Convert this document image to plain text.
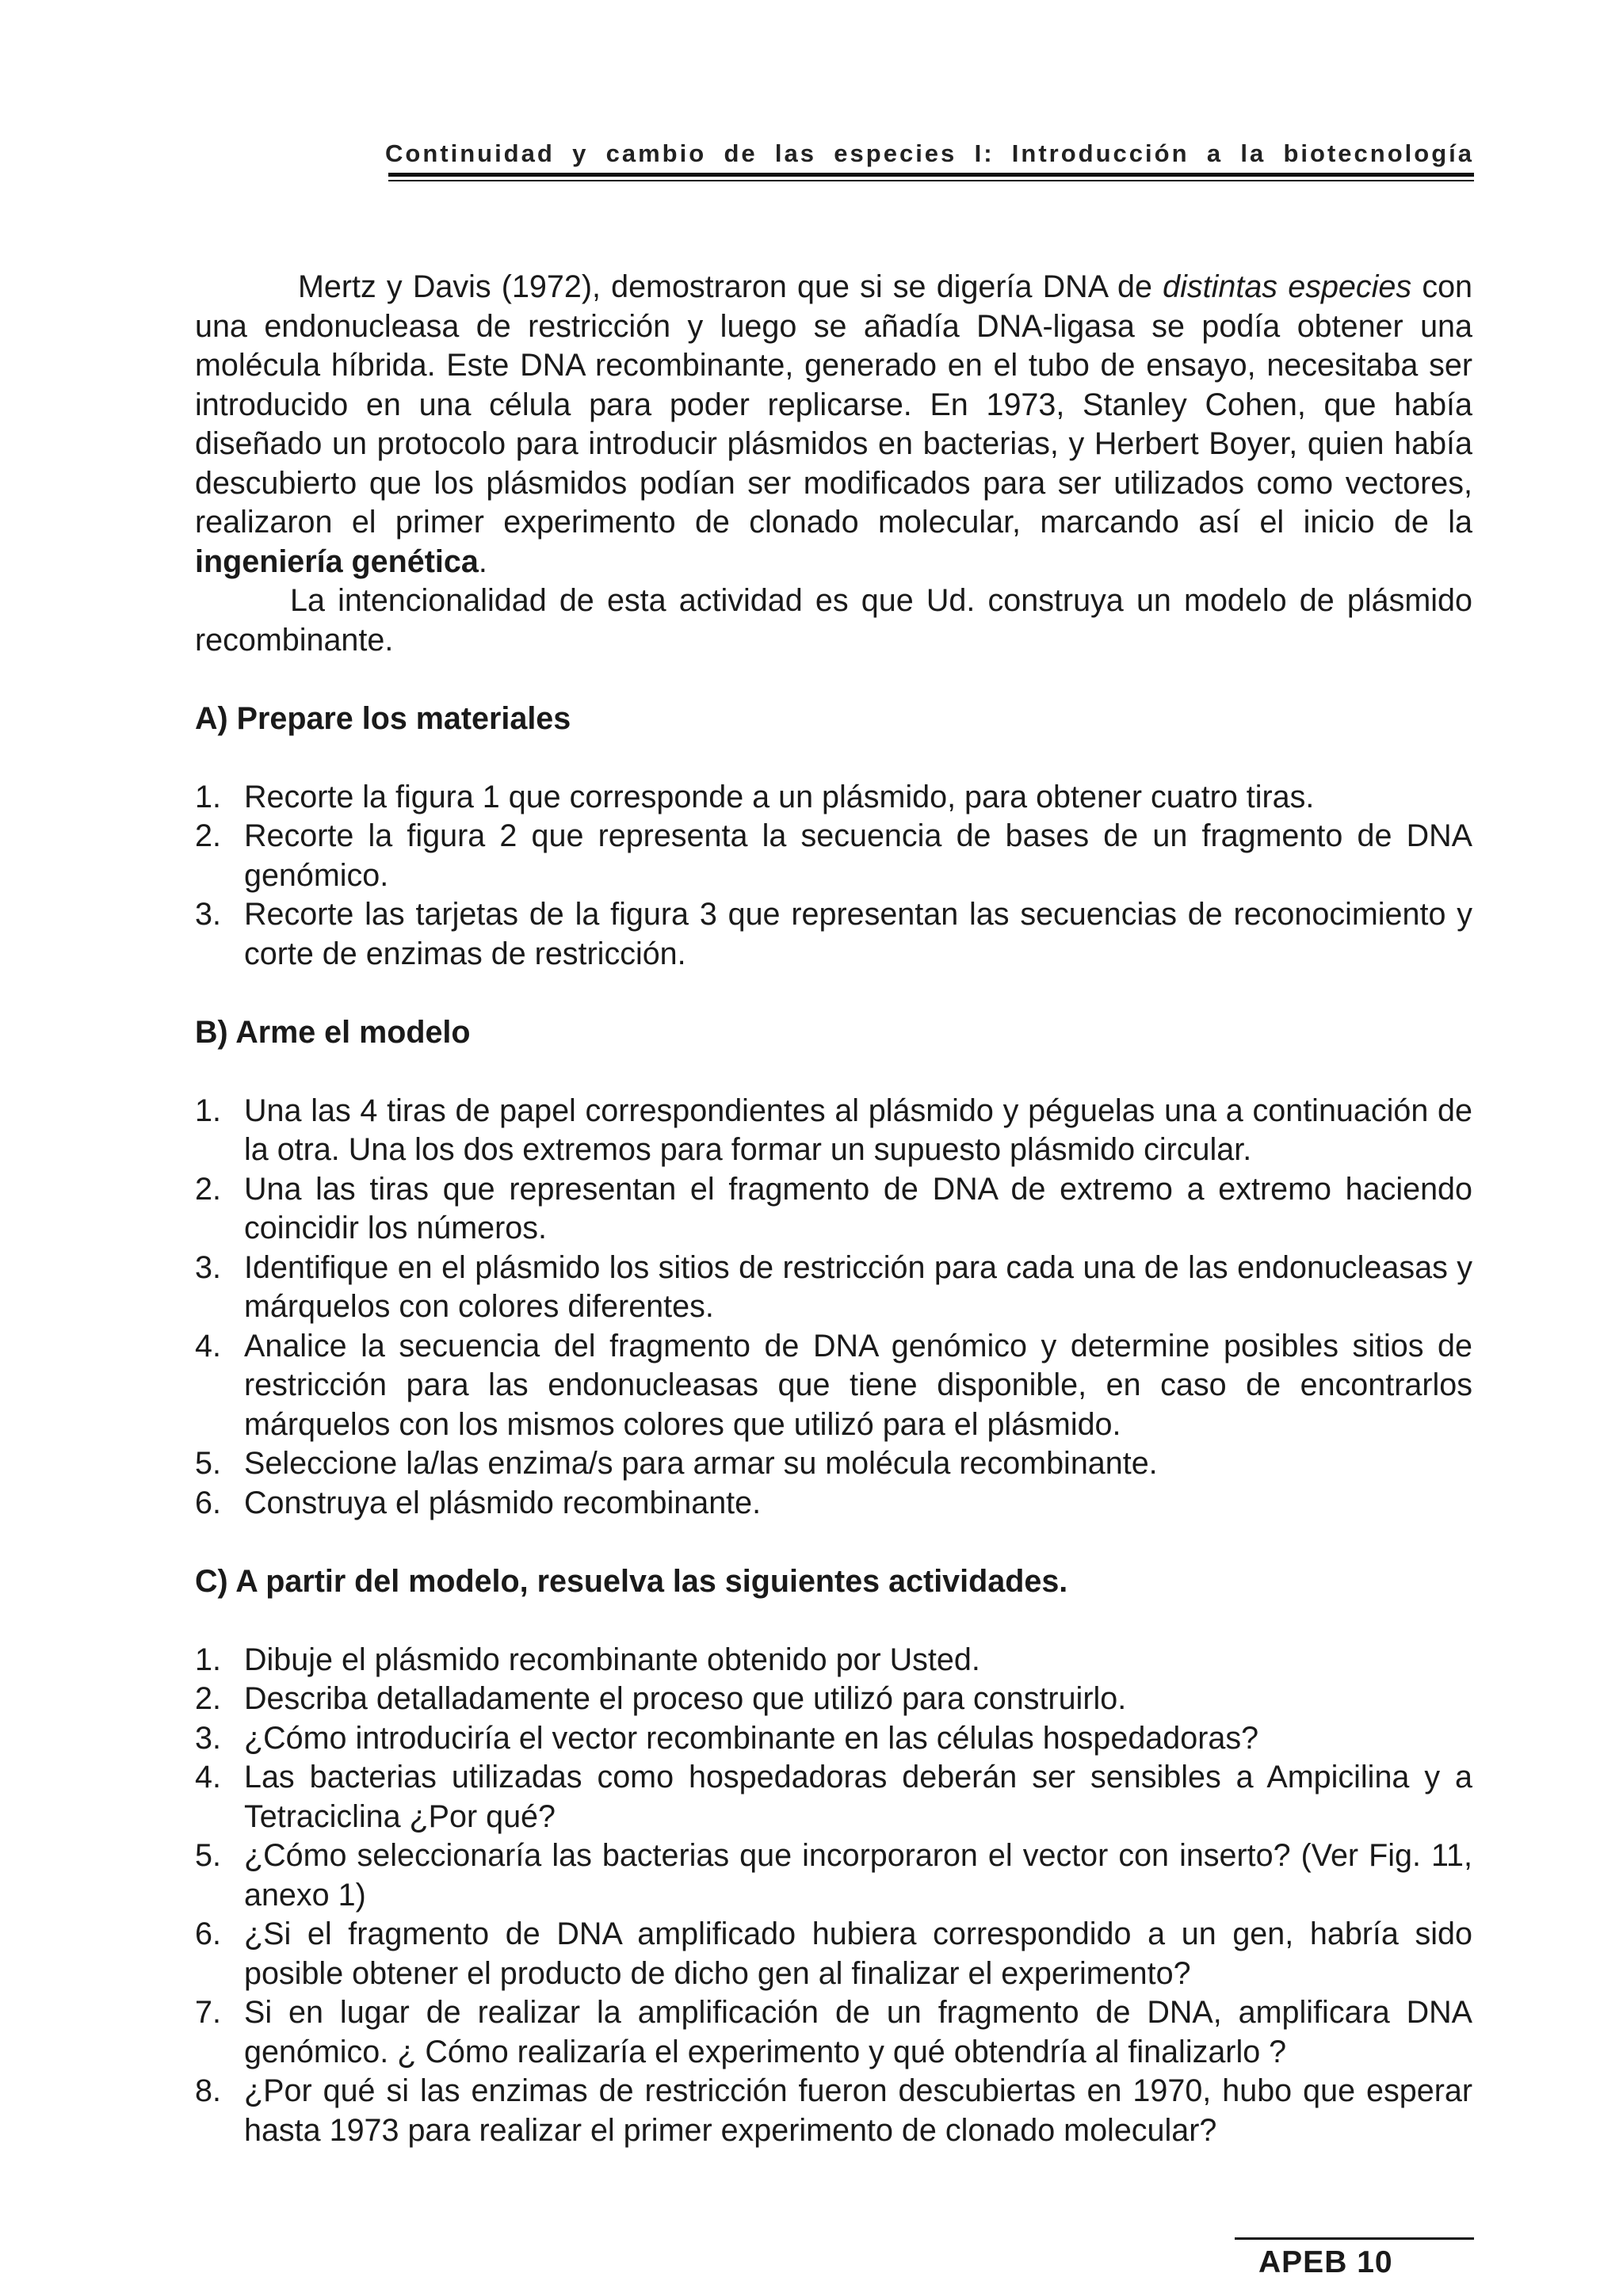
Continuidad y cambio de las especies I: Introducción a la biotecnología

Mertz y Davis (1972), demostraron que si se digería DNA de distintas especies con una endonucleasa de restricción y luego se añadía DNA-ligasa se podía obtener una molécula híbrida. Este DNA recombinante, generado en el tubo de ensayo, necesitaba ser introducido en una célula para poder replicarse. En 1973, Stanley Cohen, que había diseñado un protocolo para introducir plásmidos en bacterias, y Herbert Boyer, quien había descubierto que los plásmidos podían ser modificados para ser utilizados como vectores, realizaron el primer experimento de clonado molecular, marcando así el inicio de la ingeniería genética.

La intencionalidad de esta actividad es que Ud. construya un modelo de plásmido recombinante.

A) Prepare los materiales

1. Recorte la figura 1 que corresponde a un plásmido, para obtener cuatro tiras.
2. Recorte la figura 2 que representa la secuencia de bases de un fragmento de DNA genómico.
3. Recorte las tarjetas de la figura 3 que representan las secuencias de reconocimiento y corte de enzimas de restricción.

B) Arme el modelo

1. Una las 4 tiras de papel correspondientes al plásmido y péguelas una a continuación de la otra. Una los dos extremos para formar un supuesto plásmido circular.
2. Una las tiras que representan el fragmento de DNA de extremo a extremo haciendo coincidir los números.
3. Identifique en el plásmido los sitios de restricción para cada una de las endonucleasas y márquelos con colores diferentes.
4. Analice la secuencia del fragmento de DNA genómico y determine posibles sitios de restricción para las endonucleasas que tiene disponible, en caso de encontrarlos márquelos con los mismos colores que utilizó para el plásmido.
5. Seleccione la/las enzima/s para armar su molécula recombinante.
6. Construya el plásmido recombinante.

C) A partir del modelo, resuelva las siguientes actividades.

1. Dibuje el plásmido recombinante obtenido por Usted.
2. Describa detalladamente el proceso que utilizó para construirlo.
3. ¿Cómo introduciría el vector recombinante en las células hospedadoras?
4. Las bacterias utilizadas como hospedadoras deberán ser sensibles a Ampicilina y a Tetraciclina ¿Por qué?
5. ¿Cómo seleccionaría las bacterias que incorporaron el vector con inserto? (Ver Fig. 11, anexo 1)
6. ¿Si el fragmento de DNA amplificado hubiera correspondido a un gen, habría sido posible obtener el producto de dicho gen al finalizar el experimento?
7. Si en lugar de realizar la amplificación de un fragmento de DNA, amplificara DNA genómico. ¿ Cómo realizaría el experimento y qué obtendría al finalizarlo ?
8. ¿Por qué si las enzimas de restricción fueron descubiertas en 1970, hubo que esperar hasta 1973 para realizar el primer experimento de clonado molecular?
APEB 10
